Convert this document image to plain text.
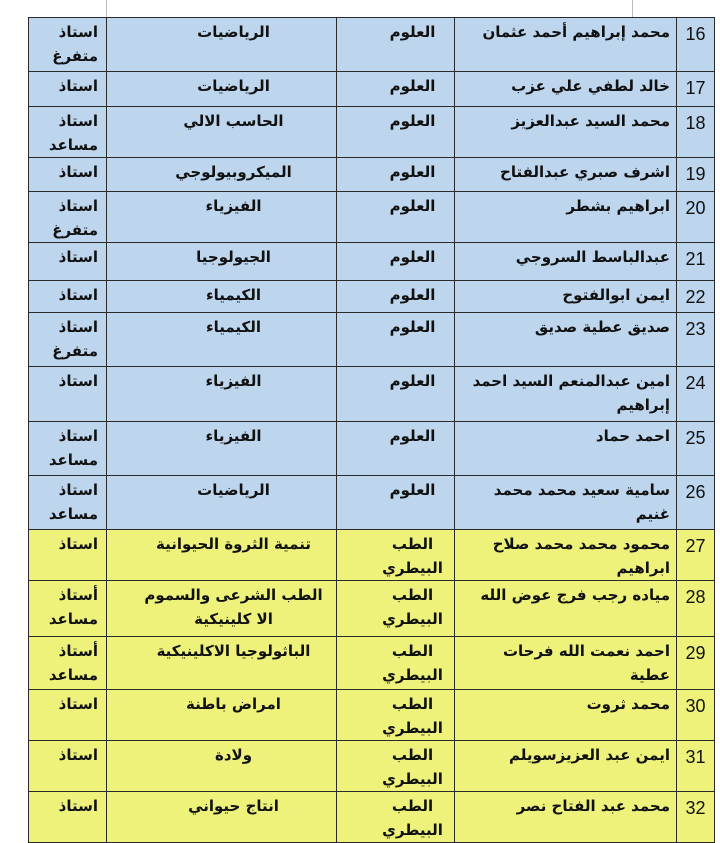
16	محمد إبراهيم أحمد عثمان	العلوم	الرياضيات	استاذ متفرغ
17	خالد لطفي علي عزب	العلوم	الرياضيات	استاذ
18	محمد السيد عبدالعزيز	العلوم	الحاسب الالي	استاذ مساعد
19	اشرف صبري عبدالفتاح	العلوم	الميكروبيولوجي	استاذ
20	ابراهيم بشطر	العلوم	الفيزياء	استاذ متفرغ
21	عبدالباسط السروجي	العلوم	الجيولوجيا	استاذ
22	ايمن ابوالفتوح	العلوم	الكيمياء	استاذ
23	صديق عطية صديق	العلوم	الكيمياء	استاذ متفرغ
24	امين عبدالمنعم السيد احمد إبراهيم	العلوم	الفيزياء	استاذ
25	احمد حماد	العلوم	الفيزياء	استاذ مساعد
26	سامية سعيد محمد محمد غنيم	العلوم	الرياضيات	استاذ مساعد
27	محمود محمد محمد صلاح ابراهيم	الطب البيطري	تنمية الثروة الحيوانية	استاذ
28	مياده رجب فرج عوض الله	الطب البيطري	الطب الشرعى والسموم الا كلينيكية	أستاذ مساعد
29	احمد نعمت الله فرحات عطية	الطب البيطري	الباثولوجيا الاكلينيكية	أستاذ مساعد
30	محمد ثروت	الطب البيطري	امراض باطنة	استاذ
31	ايمن عبد العزيزسويلم	الطب البيطري	ولادة	استاذ
32	محمد عبد الفتاح نصر	الطب البيطري	انتاج حيواني	استاذ
